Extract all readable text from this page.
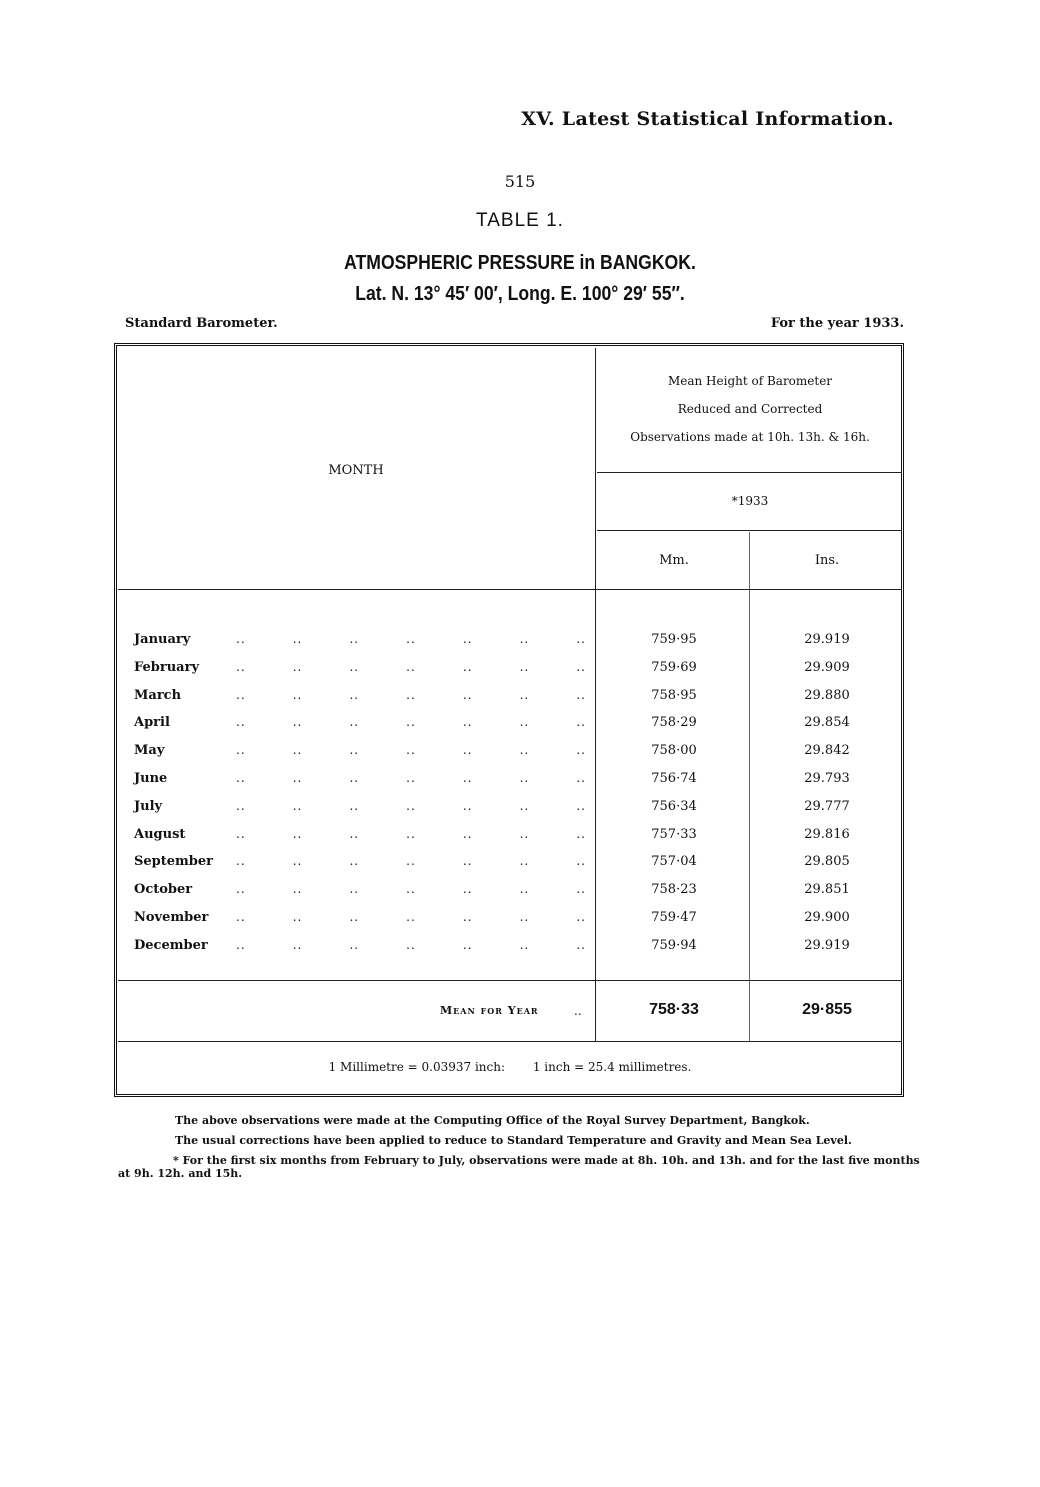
XV. Latest Statistical Information.
515
TABLE 1.
ATMOSPHERIC PRESSURE in BANGKOK.
Lat. N. 13° 45′ 00′, Long. E. 100° 29′ 55″.
Standard Barometer.	For the year 1933.
MONTH
Mean Height of Barometer
Reduced and Corrected
Observations made at 10h. 13h. & 16h.
*1933
Mm.	Ins.
January	..	..	..	..	..	..	..	759·95	29.919
February	..	..	..	..	..	..	..	759·69	29.909
March	..	..	..	..	..	..	..	758·95	29.880
April	..	..	..	..	..	..	..	758·29	29.854
May	..	..	..	..	..	..	..	758·00	29.842
June	..	..	..	..	..	..	..	756·74	29.793
July	..	..	..	..	..	..	..	756·34	29.777
August	..	..	..	..	..	..	..	757·33	29.816
September ..	..	..	..	..	..	..	757·04	29.805
October	..	..	..	..	..	..	..	758·23	29.851
November ..	..	..	..	..	..	..	759·47	29.900
December ..	..	..	..	..	..	..	759·94	29.919
Mean for Year	..	758·33	29·855
1 Millimetre = 0.03937 inch: 1 inch = 25.4 millimetres.
The above observations were made at the Computing Office of the Royal Survey Department, Bangkok.
The usual corrections have been applied to reduce to Standard Temperature and Gravity and Mean Sea Level.
* For the first six months from February to July, observations were made at 8h. 10h. and 13h. and for the last five months at 9h. 12h. and 15h.
